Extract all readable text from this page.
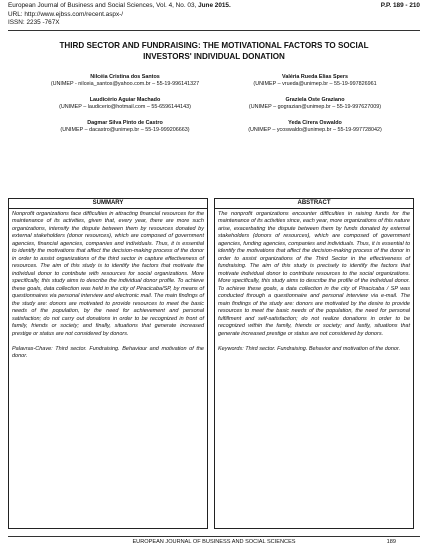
European Journal of Business and Social Sciences, Vol. 4, No. 03, June 2015.	P.P. 189 - 210
URL: http://www.ejbss.com/recent.aspx-/
ISSN: 2235 -767X
THIRD SECTOR AND FUNDRAISING: THE MOTIVATIONAL FACTORS TO SOCIAL INVESTORS' INDIVIDUAL DONATION
Nilcéia Cristina dos Santos
(UNIMEP - nilceia_santos@yahoo.com.br – 55-19-996141327
Valéria Rueda Elias Spers
(UNIMEP – vrueda@unimep.br – 55-19-997826961
Laudicério Aguiar Machado
(UNIMEP – laudicerio@hotmail.com – 55-6596144143)
Graziela Oste Graziano
(UNIMEP – gograzian@unimep.br – 55-19-997627009)
Dagmar Silva Pinto de Castro
(UNIMEP – dacastro@unimep.br – 55-19-999206663)
Yeda Cirera Oswaldo
(UNIMEP – ycoswaldo@unimep.br – 55-19-997728042)
SUMMARY
Nonprofit organizations face difficulties in attracting financial resources for the maintenance of its activities, given that, every year, there are more such organizations, intensify the dispute between them by resources donated by external stakeholders (donor resources), which are composed of government agencies, financial agencies, companies and individuals. Thus, it is essential to identify the motivations that affect the decision-making process of the donor in order to assist organizations of the third sector in capture effectiveness of resources. The aim of this study is to identify the factors that motivate the individual donor to contribute with resources for social organizations. More specifically, this study aims to describe the individual donor profile. To achieve these goals, data collection was held in the city of Piracicaba/SP, by means of questionnaires via personal interview and electronic mail. The main findings of the study are: donors are motivated to provide resources to meet the basic needs of the population, by the need for achievement and personal satisfaction; do not carry out donations in order to be recognized in front of family, friends or society; and finally, situations that generate increased prestige or status are not considered by donors.
Palavras-Chave: Third sector. Fundraising. Behaviour and motivation of the donor.
ABSTRACT
The nonprofit organizations encounter difficulties in raising funds for the maintenance of its activities since, each year, more organizations of this nature arise, exacerbating the dispute between them by funds donated by external stakeholders (donors of resources), which are composed of government agencies, funding agencies, companies and individuals. Thus, it is essential to identify the motivations that affect the decision-making process of the donor in order to assist organizations of the Third Sector in the effectiveness of fundraising. The aim of this study is precisely to identify the factors that motivate individual donor to contribute resources to the social organizations. More specifically, this study aims to describe the profile of the individual donor. To achieve these goals, a data collection in the city of Piracicaba / SP was conducted through a questionnaire and personal interview via e-mail. The main findings of the study are: donors are motivated by the desire to provide resources to meet the basic needs of the population, the need for personal fulfillment and self-satisfaction; do not realize donations in order to be recognized within the family, friends or society; and lastly, situations that generate increased prestige or status are not considered by donors.
Keywords: Third sector. Fundraising. Behavior and motivation of the donor.
EUROPEAN JOURNAL OF BUSINESS AND SOCIAL SCIENCES	189
